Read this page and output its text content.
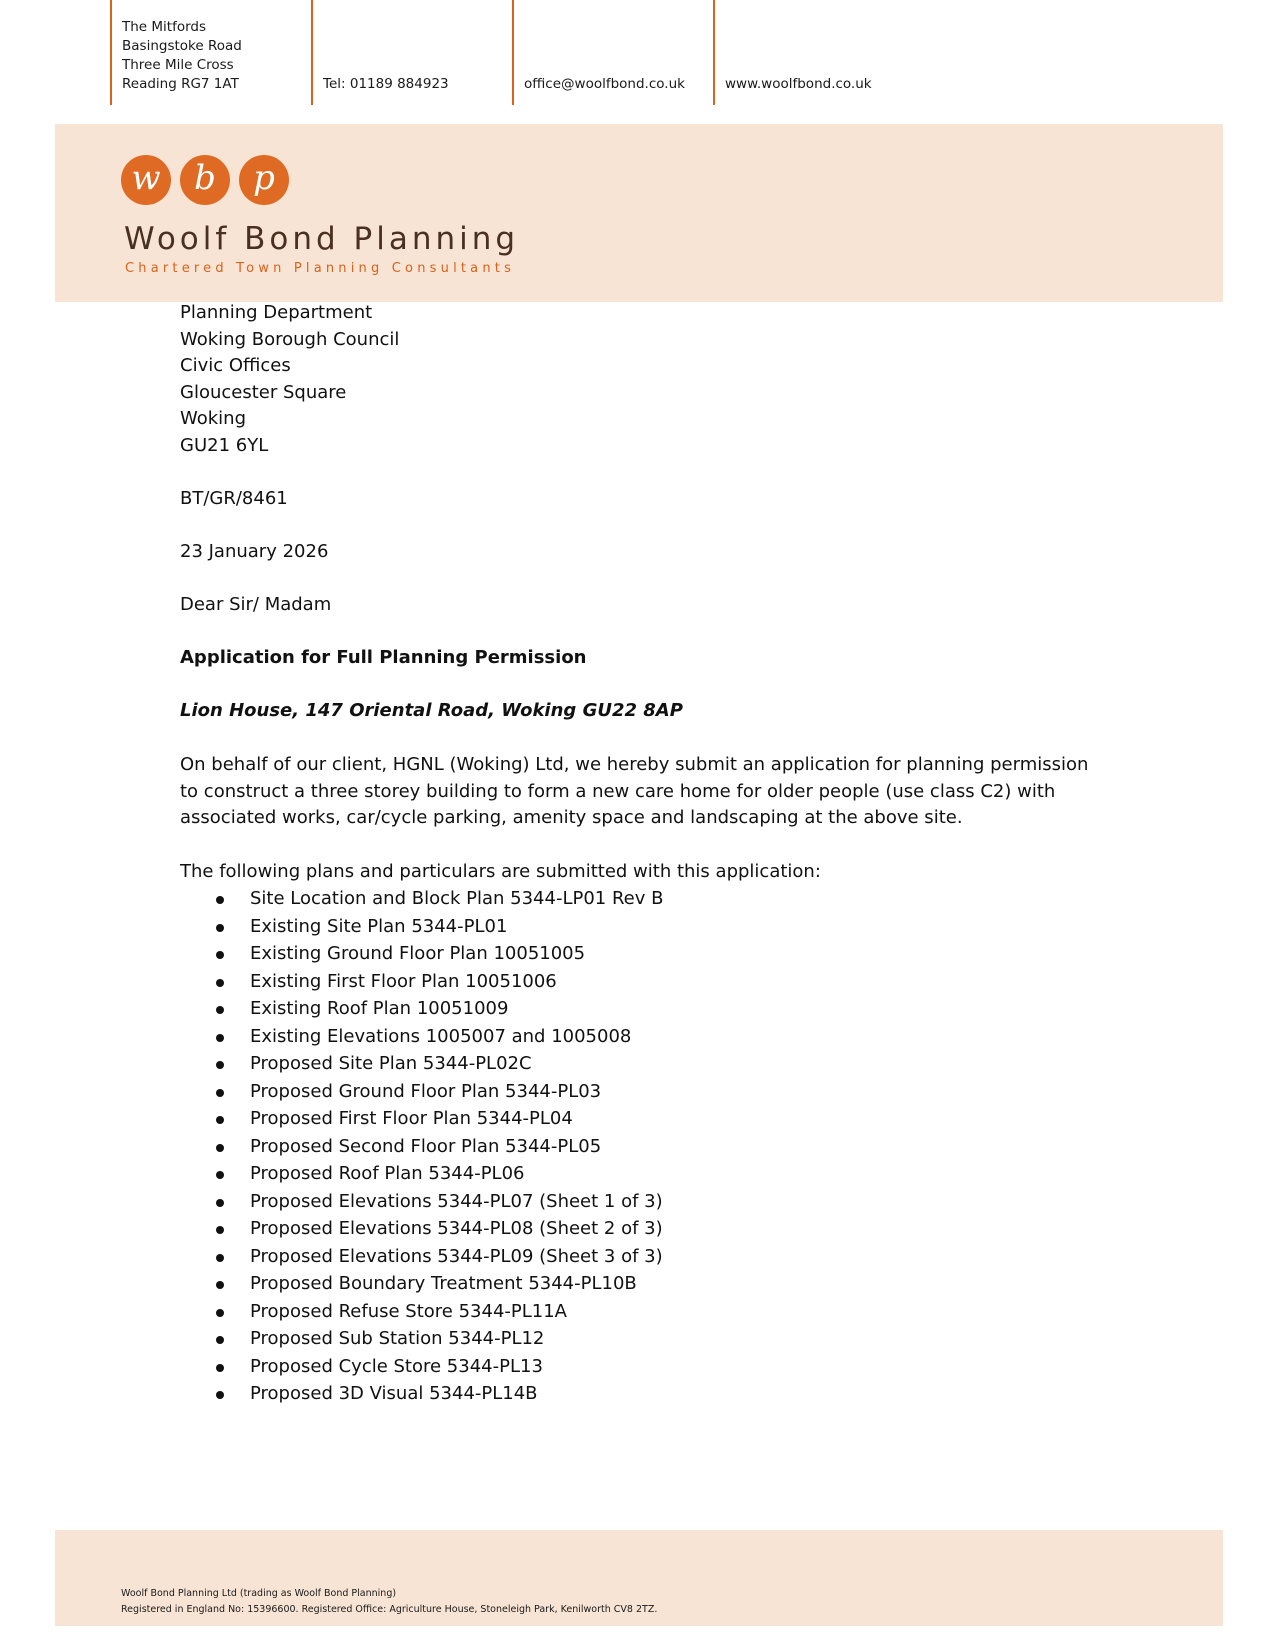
The Mitfords
Basingstoke Road
Three Mile Cross
Reading RG7 1AT	Tel: 01189 884923	office@woolfbond.co.uk	www.woolfbond.co.uk
w b p
Woolf Bond Planning
Chartered Town Planning Consultants
Planning Department
Woking Borough Council
Civic Offices
Gloucester Square
Woking
GU21 6YL
BT/GR/8461
23 January 2026
Dear Sir/ Madam
Application for Full Planning Permission
Lion House, 147 Oriental Road, Woking GU22 8AP
On behalf of our client, HGNL (Woking) Ltd, we hereby submit an application for planning permission to construct a three storey building to form a new care home for older people (use class C2) with associated works, car/cycle parking, amenity space and landscaping at the above site.
The following plans and particulars are submitted with this application:
Site Location and Block Plan 5344-LP01 Rev B
Existing Site Plan 5344-PL01
Existing Ground Floor Plan 10051005
Existing First Floor Plan 10051006
Existing Roof Plan 10051009
Existing Elevations 1005007 and 1005008
Proposed Site Plan 5344-PL02C
Proposed Ground Floor Plan 5344-PL03
Proposed First Floor Plan 5344-PL04
Proposed Second Floor Plan 5344-PL05
Proposed Roof Plan 5344-PL06
Proposed Elevations 5344-PL07 (Sheet 1 of 3)
Proposed Elevations 5344-PL08 (Sheet 2 of 3)
Proposed Elevations 5344-PL09 (Sheet 3 of 3)
Proposed Boundary Treatment 5344-PL10B
Proposed Refuse Store 5344-PL11A
Proposed Sub Station 5344-PL12
Proposed Cycle Store 5344-PL13
Proposed 3D Visual 5344-PL14B
Woolf Bond Planning Ltd (trading as Woolf Bond Planning)
Registered in England No: 15396600. Registered Office: Agriculture House, Stoneleigh Park, Kenilworth CV8 2TZ.
